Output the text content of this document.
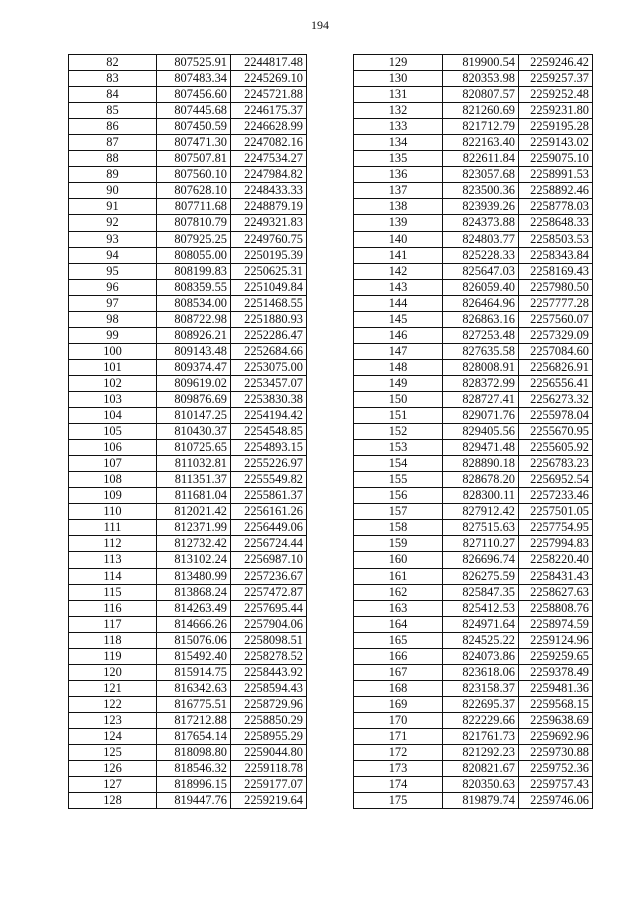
194
82	807525.91	2244817.48
83	807483.34	2245269.10
84	807456.60	2245721.88
85	807445.68	2246175.37
86	807450.59	2246628.99
87	807471.30	2247082.16
88	807507.81	2247534.27
89	807560.10	2247984.82
90	807628.10	2248433.33
91	807711.68	2248879.19
92	807810.79	2249321.83
93	807925.25	2249760.75
94	808055.00	2250195.39
95	808199.83	2250625.31
96	808359.55	2251049.84
97	808534.00	2251468.55
98	808722.98	2251880.93
99	808926.21	2252286.47
100	809143.48	2252684.66
101	809374.47	2253075.00
102	809619.02	2253457.07
103	809876.69	2253830.38
104	810147.25	2254194.42
105	810430.37	2254548.85
106	810725.65	2254893.15
107	811032.81	2255226.97
108	811351.37	2255549.82
109	811681.04	2255861.37
110	812021.42	2256161.26
111	812371.99	2256449.06
112	812732.42	2256724.44
113	813102.24	2256987.10
114	813480.99	2257236.67
115	813868.24	2257472.87
116	814263.49	2257695.44
117	814666.26	2257904.06
118	815076.06	2258098.51
119	815492.40	2258278.52
120	815914.75	2258443.92
121	816342.63	2258594.43
122	816775.51	2258729.96
123	817212.88	2258850.29
124	817654.14	2258955.29
125	818098.80	2259044.80
126	818546.32	2259118.78
127	818996.15	2259177.07
128	819447.76	2259219.64
129	819900.54	2259246.42
130	820353.98	2259257.37
131	820807.57	2259252.48
132	821260.69	2259231.80
133	821712.79	2259195.28
134	822163.40	2259143.02
135	822611.84	2259075.10
136	823057.68	2258991.53
137	823500.36	2258892.46
138	823939.26	2258778.03
139	824373.88	2258648.33
140	824803.77	2258503.53
141	825228.33	2258343.84
142	825647.03	2258169.43
143	826059.40	2257980.50
144	826464.96	2257777.28
145	826863.16	2257560.07
146	827253.48	2257329.09
147	827635.58	2257084.60
148	828008.91	2256826.91
149	828372.99	2256556.41
150	828727.41	2256273.32
151	829071.76	2255978.04
152	829405.56	2255670.95
153	829471.48	2255605.92
154	828890.18	2256783.23
155	828678.20	2256952.54
156	828300.11	2257233.46
157	827912.42	2257501.05
158	827515.63	2257754.95
159	827110.27	2257994.83
160	826696.74	2258220.40
161	826275.59	2258431.43
162	825847.35	2258627.63
163	825412.53	2258808.76
164	824971.64	2258974.59
165	824525.22	2259124.96
166	824073.86	2259259.65
167	823618.06	2259378.49
168	823158.37	2259481.36
169	822695.37	2259568.15
170	822229.66	2259638.69
171	821761.73	2259692.96
172	821292.23	2259730.88
173	820821.67	2259752.36
174	820350.63	2259757.43
175	819879.74	2259746.06
